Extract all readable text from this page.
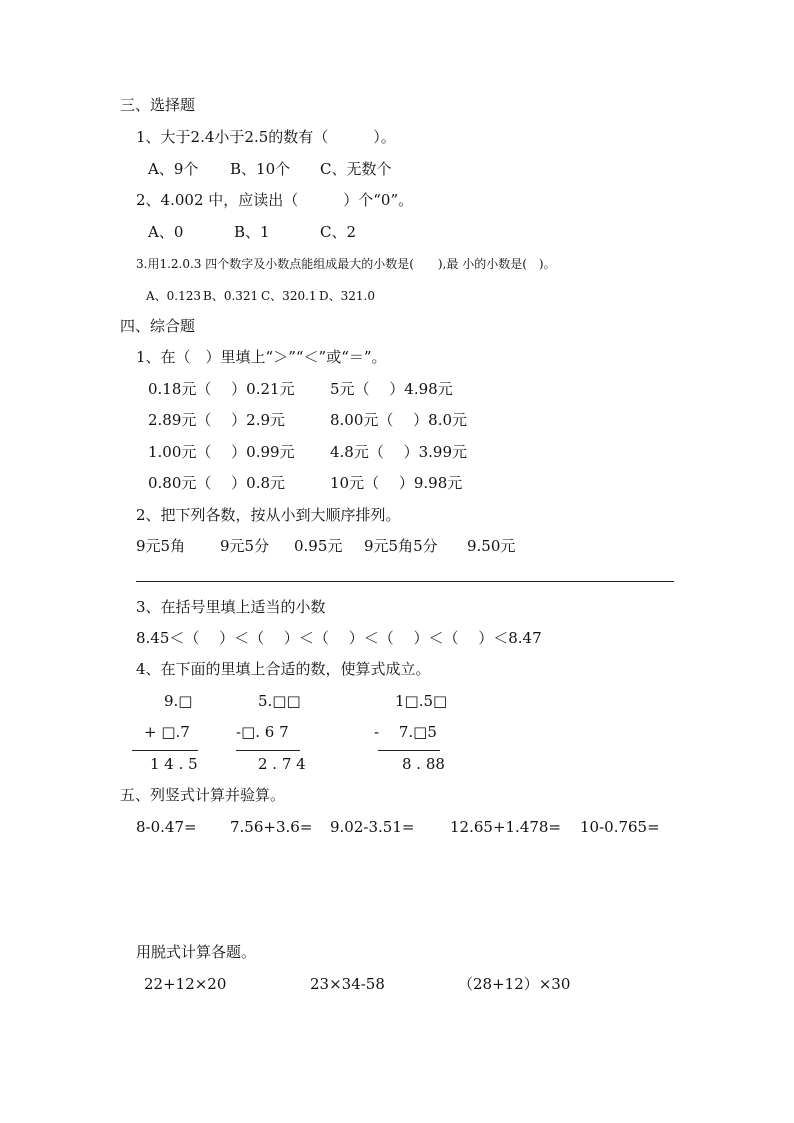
三、选择题
1、大于2.4小于2.5的数有（　　　）。
A、9个 B、10个 C、无数个
2、4.002 中，应读出（　　　）个“0”。
A、0	B、1	C、2
3.用1.2.0.3 四个数字及小数点能组成最大的小数是(　　),最 小的小数是(　)。
A、0.123 B、0.321 C、320.1 D、321.0
四、综合题
1、在（　）里填上“＞”“＜”或“＝”。
0.18元（　 ）0.21元 5元（　 ）4.98元
2.89元（　 ）2.9元	8.00元（　 ）8.0元
1.00元（　 ）0.99元 4.8元（　 ）3.99元
0.80元（　 ）0.8元	10元（　 ）9.98元
2、把下列各数，按从小到大顺序排列。
9元5角 9元5分 0.95元 9元5角5分 9.50元
3、在括号里填上适当的小数
8.45＜（　 ）＜（　 ）＜（　 ）＜（　 ）＜（　 ）＜8.47
4、在下面的里填上合适的数，使算式成立。
9.□	5.□□	1□.5□
+ □.7	-□. 6 7	- 　7.□5
1 4 . 5	2 . 7 4	8 . 88
五、列竖式计算并验算。
8-0.47= 7.56+3.6= 9.02-3.51= 12.65+1.478= 10-0.765=
用脱式计算各题。
22+12×20	23×34-58	（28+12）×30
